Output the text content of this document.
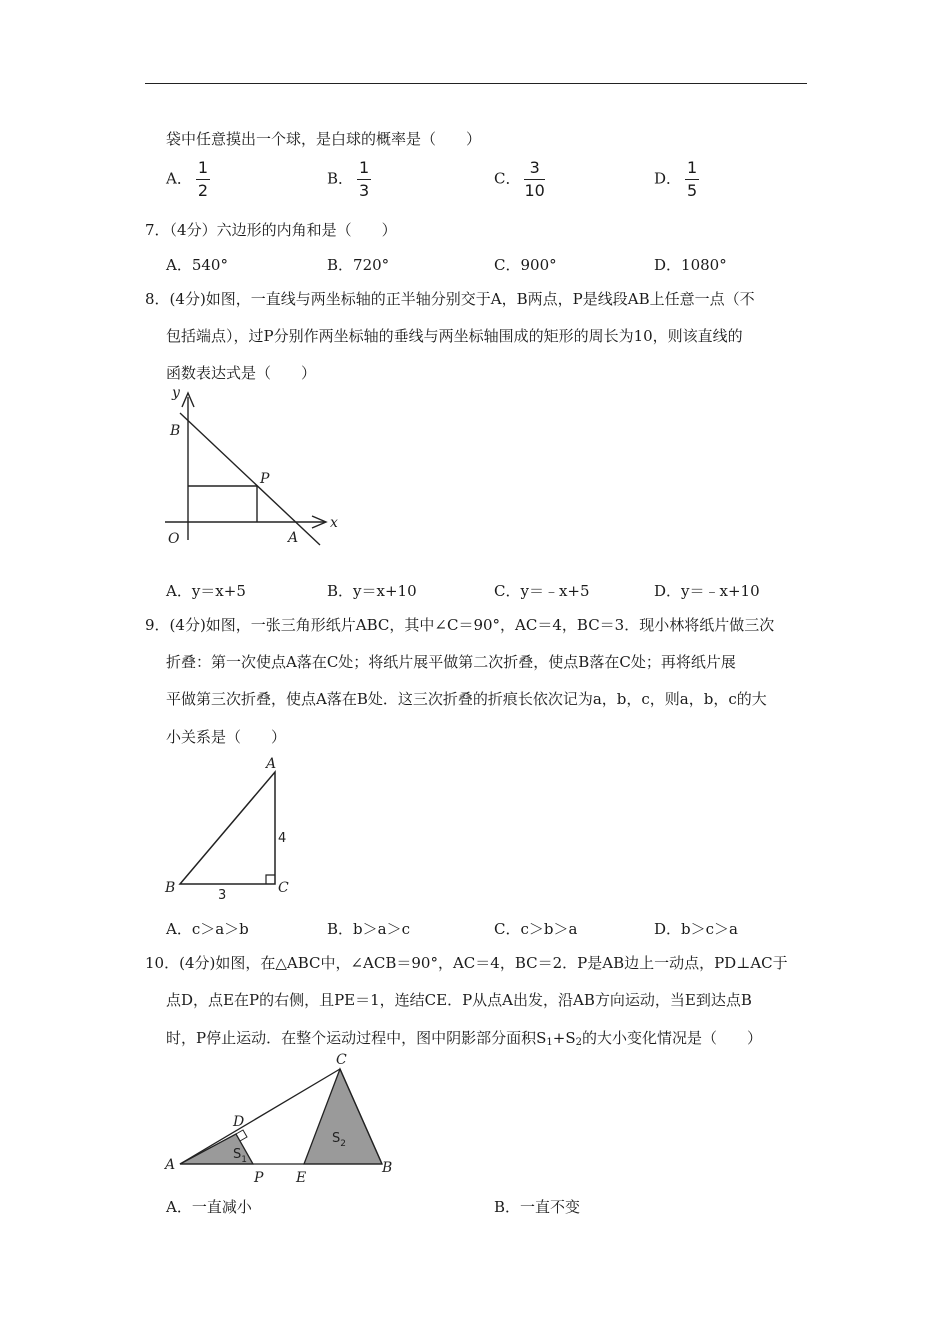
袋中任意摸出一个球，是白球的概率是（　　）
A． $\frac{1}{2}$	B． $\frac{1}{3}$	C． $\frac{3}{10}$	D． $\frac{1}{5}$
7．（4分）六边形的内角和是（　　）
A．540°	B．720°	C．900°	D．1080°
8．(4分)如图，一直线与两坐标轴的正半轴分别交于A，B两点，P是线段AB上任意一点（不
包括端点），过P分别作两坐标轴的垂线与两坐标轴围成的矩形的周长为10，则该直线的
函数表达式是（　　）
y
B
P
x
O	A
A．y＝x+5	B．y＝x+10	C．y＝﹣x+5	D．y＝﹣x+10
9．(4分)如图，一张三角形纸片ABC，其中∠C＝90°，AC＝4，BC＝3．现小林将纸片做三次
折叠：第一次使点A落在C处；将纸片展平做第二次折叠，使点B落在C处；再将纸片展
平做第三次折叠，使点A落在B处．这三次折叠的折痕长依次记为a，b，c，则a，b，c的大
小关系是（　　）
A
B	C
4
3
A．c＞a＞b	B．b＞a＞c	C．c＞b＞a	D．b＞c＞a
10．(4分)如图，在△ABC中，∠ACB＝90°，AC＝4，BC＝2．P是AB边上一动点，PD⊥AC于
点D，点E在P的右侧，且PE＝1，连结CE．P从点A出发，沿AB方向运动，当E到达点B
时，P停止运动．在整个运动过程中，图中阴影部分面积$S_1+S_2$的大小变化情况是（　　）
A
D
P E
B
C
$S_1$
$S_2$
A．一直减小	B．一直不变
